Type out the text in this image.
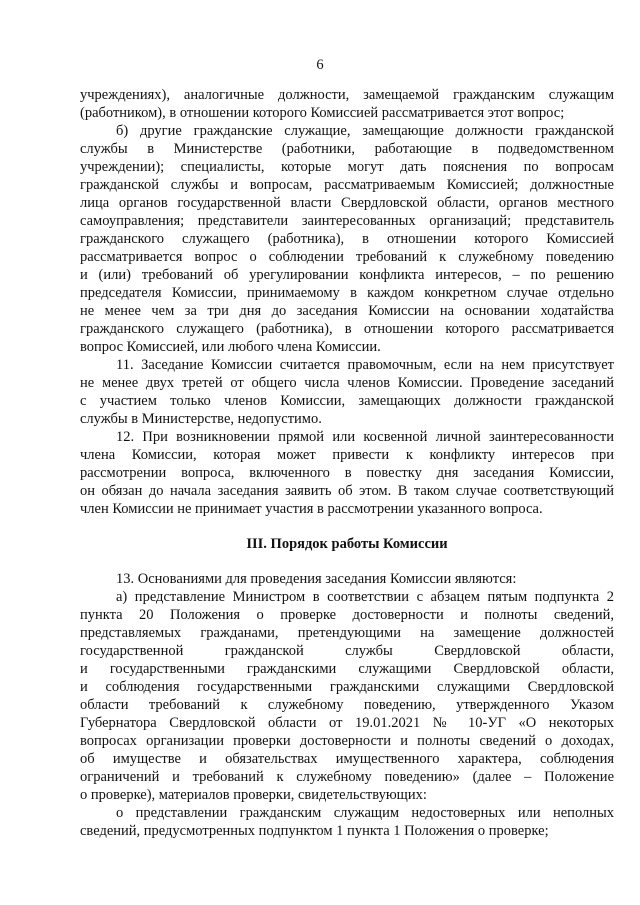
6
учреждениях), аналогичные должности, замещаемой гражданским служащим
(работником), в отношении которого Комиссией рассматривается этот вопрос;
б) другие гражданские служащие, замещающие должности гражданской
службы в Министерстве (работники, работающие в подведомственном
учреждении); специалисты, которые могут дать пояснения по вопросам
гражданской службы и вопросам, рассматриваемым Комиссией; должностные
лица органов государственной власти Свердловской области, органов местного
самоуправления; представители заинтересованных организаций; представитель
гражданского служащего (работника), в отношении которого Комиссией
рассматривается вопрос о соблюдении требований к служебному поведению
и (или) требований об урегулировании конфликта интересов, – по решению
председателя Комиссии, принимаемому в каждом конкретном случае отдельно
не менее чем за три дня до заседания Комиссии на основании ходатайства
гражданского служащего (работника), в отношении которого рассматривается
вопрос Комиссией, или любого члена Комиссии.
11. Заседание Комиссии считается правомочным, если на нем присутствует
не менее двух третей от общего числа членов Комиссии. Проведение заседаний
с участием только членов Комиссии, замещающих должности гражданской
службы в Министерстве, недопустимо.
12. При возникновении прямой или косвенной личной заинтересованности
члена Комиссии, которая может привести к конфликту интересов при
рассмотрении вопроса, включенного в повестку дня заседания Комиссии,
он обязан до начала заседания заявить об этом. В таком случае соответствующий
член Комиссии не принимает участия в рассмотрении указанного вопроса.
III. Порядок работы Комиссии
13. Основаниями для проведения заседания Комиссии являются:
а) представление Министром в соответствии с абзацем пятым подпункта 2
пункта 20 Положения о проверке достоверности и полноты сведений,
представляемых гражданами, претендующими на замещение должностей
государственной гражданской службы Свердловской области,
и государственными гражданскими служащими Свердловской области,
и соблюдения государственными гражданскими служащими Свердловской
области требований к служебному поведению, утвержденного Указом
Губернатора Свердловской области от 19.01.2021 № 10-УГ «О некоторых
вопросах организации проверки достоверности и полноты сведений о доходах,
об имуществе и обязательствах имущественного характера, соблюдения
ограничений и требований к служебному поведению» (далее – Положение
о проверке), материалов проверки, свидетельствующих:
о представлении гражданским служащим недостоверных или неполных
сведений, предусмотренных подпунктом 1 пункта 1 Положения о проверке;
